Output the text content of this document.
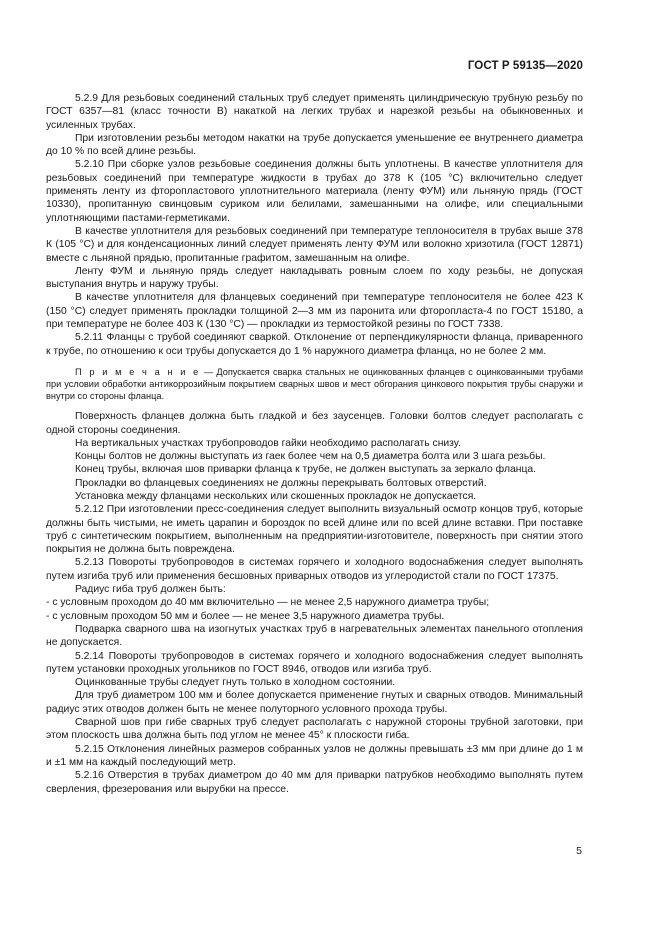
ГОСТ Р 59135—2020

5.2.9 Для резьбовых соединений стальных труб следует применять цилиндрическую трубную резьбу по ГОСТ 6357—81 (класс точности В) накаткой на легких трубах и нарезкой резьбы на обыкновенных и усиленных трубах.

При изготовлении резьбы методом накатки на трубе допускается уменьшение ее внутреннего диаметра до 10 % по всей длине резьбы.

5.2.10 При сборке узлов резьбовые соединения должны быть уплотнены. В качестве уплотнителя для резьбовых соединений при температуре жидкости в трубах до 378 К (105 °С) включительно следует применять ленту из фторопластового уплотнительного материала (ленту ФУМ) или льняную прядь (ГОСТ 10330), пропитанную свинцовым суриком или белилами, замешанными на олифе, или специальными уплотняющими пастами-герметиками.

В качестве уплотнителя для резьбовых соединений при температуре теплоносителя в трубах выше 378 К (105 °С) и для конденсационных линий следует применять ленту ФУМ или волокно хризотила (ГОСТ 12871) вместе с льняной прядью, пропитанные графитом, замешанным на олифе.

Ленту ФУМ и льняную прядь следует накладывать ровным слоем по ходу резьбы, не допуская выступания внутрь и наружу трубы.

В качестве уплотнителя для фланцевых соединений при температуре теплоносителя не более 423 К (150 °С) следует применять прокладки толщиной 2—3 мм из паронита или фторопласта-4 по ГОСТ 15180, а при температуре не более 403 К (130 °С) — прокладки из термостойкой резины по ГОСТ 7338.

5.2.11 Фланцы с трубой соединяют сваркой. Отклонение от перпендикулярности фланца, приваренного к трубе, по отношению к оси трубы допускается до 1 % наружного диаметра фланца, но не более 2 мм.

П р и м е ч а н и е — Допускается сварка стальных не оцинкованных фланцев с оцинкованными трубами при условии обработки антикоррозийным покрытием сварных швов и мест обгорания цинкового покрытия трубы снаружи и внутри со стороны фланца.

Поверхность фланцев должна быть гладкой и без заусенцев. Головки болтов следует располагать с одной стороны соединения.

На вертикальных участках трубопроводов гайки необходимо располагать снизу.

Концы болтов не должны выступать из гаек более чем на 0,5 диаметра болта или 3 шага резьбы.

Конец трубы, включая шов приварки фланца к трубе, не должен выступать за зеркало фланца.

Прокладки во фланцевых соединениях не должны перекрывать болтовых отверстий.

Установка между фланцами нескольких или скошенных прокладок не допускается.

5.2.12 При изготовлении пресс-соединения следует выполнить визуальный осмотр концов труб, которые должны быть чистыми, не иметь царапин и бороздок по всей длине или по всей длине вставки. При поставке труб с синтетическим покрытием, выполненным на предприятии-изготовителе, поверхность при снятии этого покрытия не должна быть повреждена.

5.2.13 Повороты трубопроводов в системах горячего и холодного водоснабжения следует выполнять путем изгиба труб или применения бесшовных приварных отводов из углеродистой стали по ГОСТ 17375.

Радиус гиба труб должен быть:

- с условным проходом до 40 мм включительно — не менее 2,5 наружного диаметра трубы;

- с условным проходом 50 мм и более — не менее 3,5 наружного диаметра трубы.

Подварка сварного шва на изогнутых участках труб в нагревательных элементах панельного отопления не допускается.

5.2.14 Повороты трубопроводов в системах горячего и холодного водоснабжения следует выполнять путем установки проходных угольников по ГОСТ 8946, отводов или изгиба труб.

Оцинкованные трубы следует гнуть только в холодном состоянии.

Для труб диаметром 100 мм и более допускается применение гнутых и сварных отводов. Минимальный радиус этих отводов должен быть не менее полуторного условного прохода трубы.

Сварной шов при гибе сварных труб следует располагать с наружной стороны трубной заготовки, при этом плоскость шва должна быть под углом не менее 45° к плоскости гиба.

5.2.15 Отклонения линейных размеров собранных узлов не должны превышать ±3 мм при длине до 1 м и ±1 мм на каждый последующий метр.

5.2.16 Отверстия в трубах диаметром до 40 мм для приварки патрубков необходимо выполнять путем сверления, фрезерования или вырубки на прессе.

5
